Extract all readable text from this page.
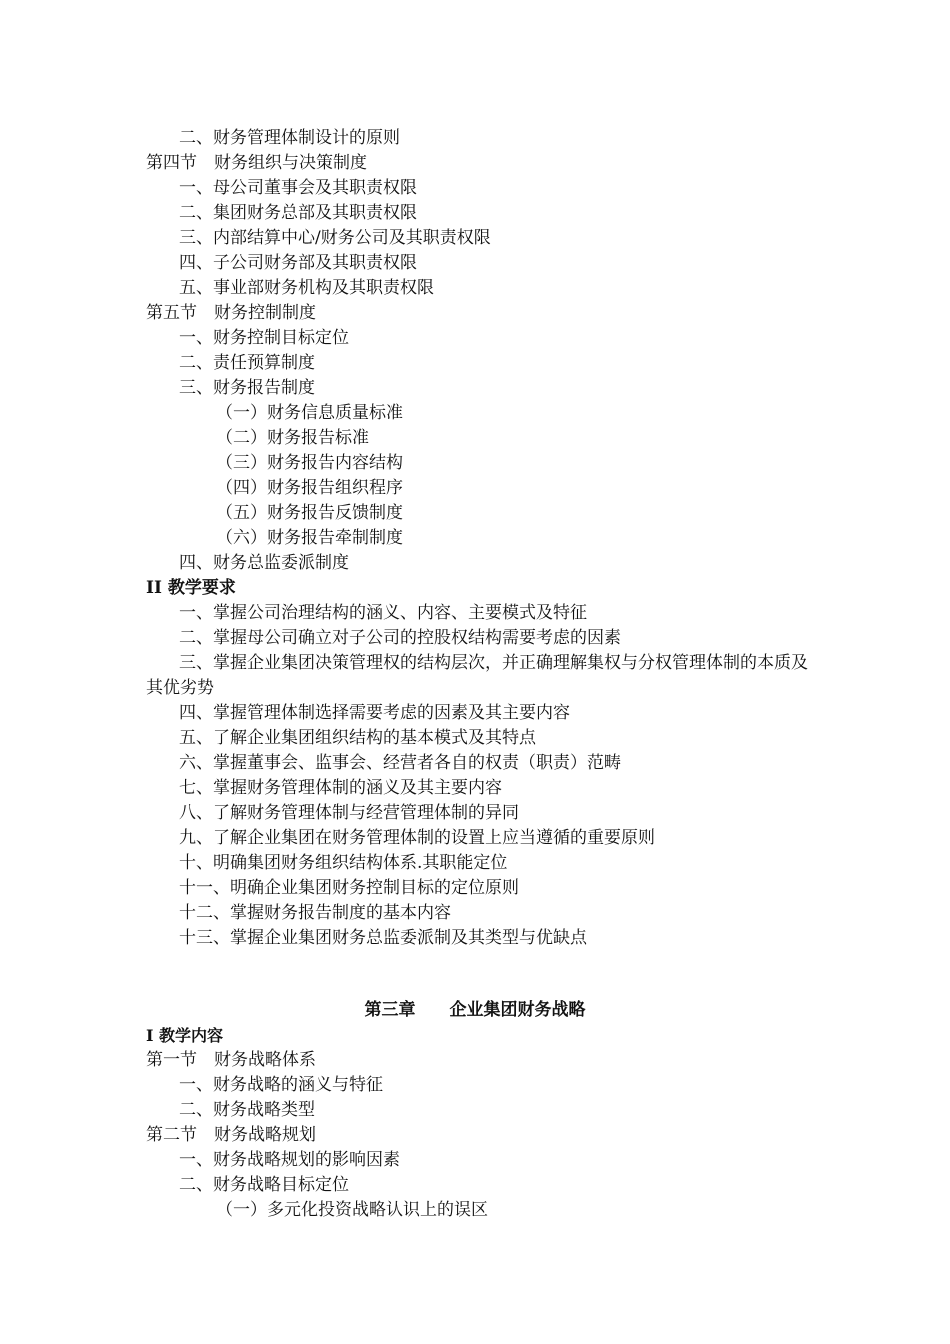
二、财务管理体制设计的原则
第四节　财务组织与决策制度
一、母公司董事会及其职责权限
二、集团财务总部及其职责权限
三、内部结算中心/财务公司及其职责权限
四、子公司财务部及其职责权限
五、事业部财务机构及其职责权限
第五节　财务控制制度
一、财务控制目标定位
二、责任预算制度
三、财务报告制度
（一）财务信息质量标准
（二）财务报告标准
（三）财务报告内容结构
（四）财务报告组织程序
（五）财务报告反馈制度
（六）财务报告牵制制度
四、财务总监委派制度
II 教学要求
一、掌握公司治理结构的涵义、内容、主要模式及特征
二、掌握母公司确立对子公司的控股权结构需要考虑的因素
三、掌握企业集团决策管理权的结构层次，并正确理解集权与分权管理体制的本质及其优劣势
四、掌握管理体制选择需要考虑的因素及其主要内容
五、了解企业集团组织结构的基本模式及其特点
六、掌握董事会、监事会、经营者各自的权责（职责）范畴
七、掌握财务管理体制的涵义及其主要内容
八、了解财务管理体制与经营管理体制的异同
九、了解企业集团在财务管理体制的设置上应当遵循的重要原则
十、明确集团财务组织结构体系.其职能定位
十一、明确企业集团财务控制目标的定位原则
十二、掌握财务报告制度的基本内容
十三、掌握企业集团财务总监委派制及其类型与优缺点
第三章　　企业集团财务战略
I 教学内容
第一节　财务战略体系
一、财务战略的涵义与特征
二、财务战略类型
第二节　财务战略规划
一、财务战略规划的影响因素
二、财务战略目标定位
（一）多元化投资战略认识上的误区
